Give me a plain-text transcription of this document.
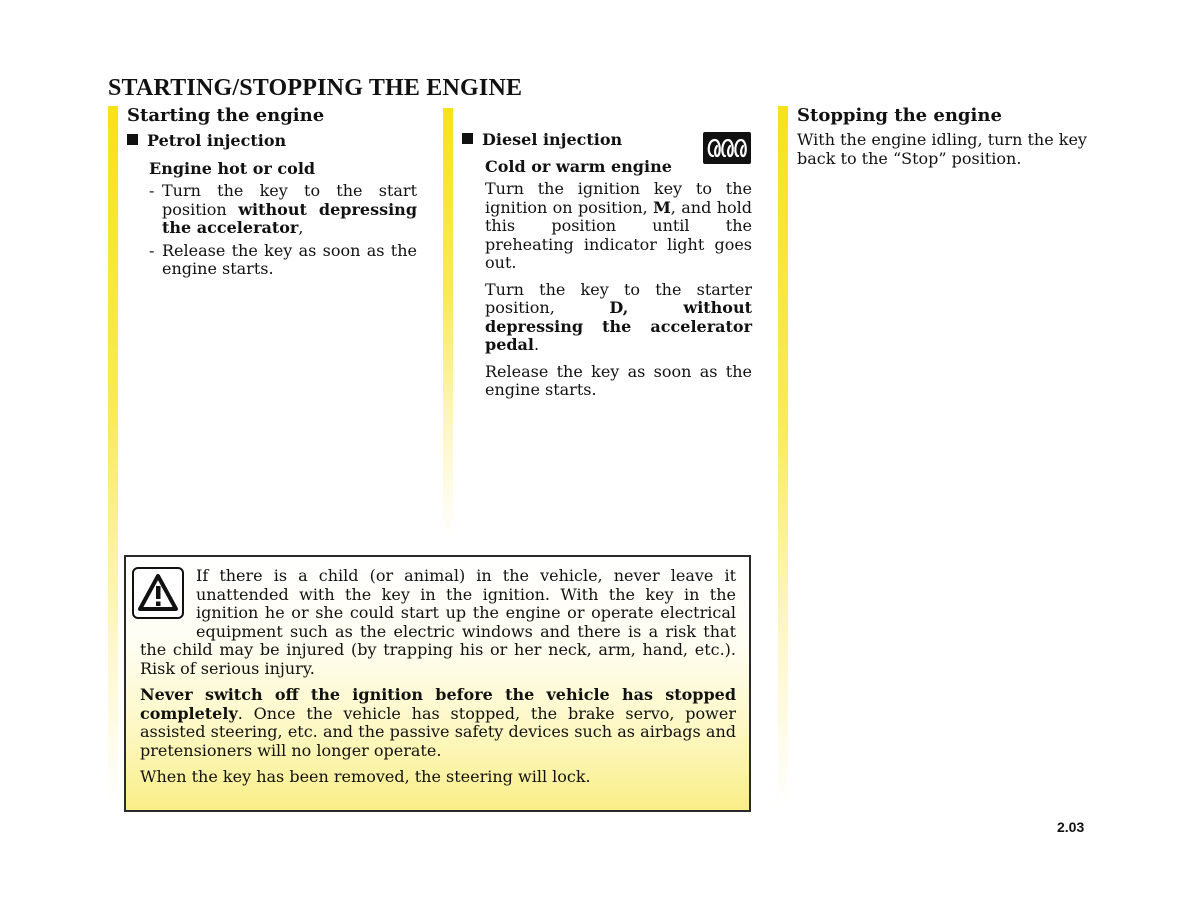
STARTING/STOPPING THE ENGINE

Starting the engine

Petrol injection

Engine hot or cold

- Turn the key to the start position without depressing the accelerator,

- Release the key as soon as the engine starts.

Diesel injection

Cold or warm engine

Turn the ignition key to the ignition on position, M, and hold this position until the preheating indicator light goes out.

Turn the key to the starter position, D, without depressing the accelerator pedal.

Release the key as soon as the engine starts.

Stopping the engine

With the engine idling, turn the key back to the “Stop” position.

If there is a child (or animal) in the vehicle, never leave it unattended with the key in the ignition. With the key in the ignition he or she could start up the engine or operate electrical equipment such as the electric windows and there is a risk that the child may be injured (by trapping his or her neck, arm, hand, etc.). Risk of serious injury.

Never switch off the ignition before the vehicle has stopped completely. Once the vehicle has stopped, the brake servo, power assisted steering, etc. and the passive safety devices such as airbags and pretensioners will no longer operate.

When the key has been removed, the steering will lock.

2.03
